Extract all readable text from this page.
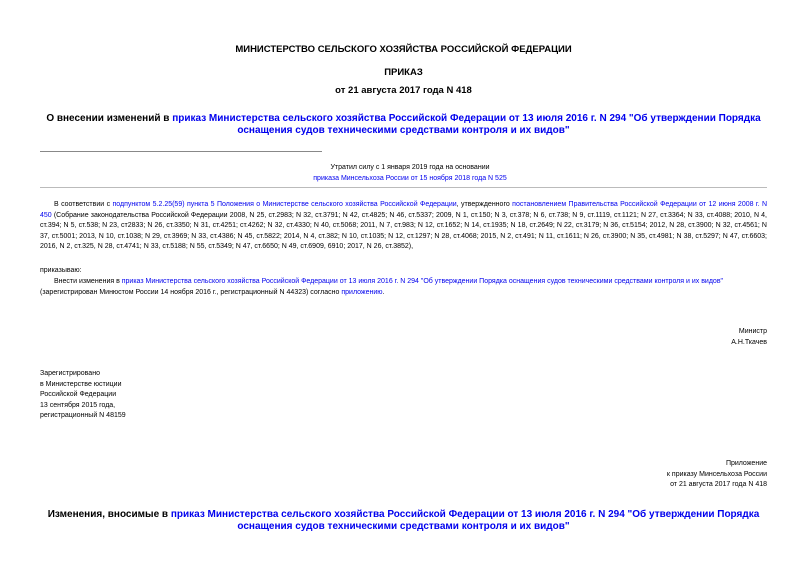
МИНИСТЕРСТВО СЕЛЬСКОГО ХОЗЯЙСТВА РОССИЙСКОЙ ФЕДЕРАЦИИ
ПРИКАЗ
от 21 августа 2017 года N 418
О внесении изменений в приказ Министерства сельского хозяйства Российской Федерации от 13 июля 2016 г. N 294 "Об утверждении Порядка оснащения судов техническими средствами контроля и их видов"
Утратил силу с 1 января 2019 года на основании
приказа Минсельхоза России от 15 ноября 2018 года N 525
В соответствии с подпунктом 5.2.25(59) пункта 5 Положения о Министерстве сельского хозяйства Российской Федерации, утвержденного постановлением Правительства Российской Федерации от 12 июня 2008 г. N 450 (Собрание законодательства Российской Федерации 2008, N 25, ст.2983; N 32, ст.3791; N 42, ст.4825; N 46, ст.5337; 2009, N 1, ст.150; N 3, ст.378; N 6, ст.738; N 9, ст.1119, ст.1121; N 27, ст.3364; N 33, ст.4088; 2010, N 4, ст.394; N 5, ст.538; N 23, ст2833; N 26, ст.3350; N 31, ст.4251; ст.4262; N 32, ст.4330; N 40, ст.5068; 2011, N 7, ст.983; N 12, ст.1652; N 14, ст.1935; N 18, ст.2649; N 22, ст.3179; N 36, ст.5154; 2012, N 28, ст.3900; N 32, ст.4561; N 37, ст.5001; 2013, N 10, ст.1038; N 29, ст.3969; N 33, ст.4386; N 45, ст.5822; 2014, N 4, ст.382; N 10, ст.1035; N 12, ст.1297; N 28, ст.4068; 2015, N 2, ст.491; N 11, ст.1611; N 26, ст.3900; N 35, ст.4981; N 38, ст.5297; N 47, ст.6603; 2016, N 2, ст.325, N 28, ст.4741; N 33, ст.5188; N 55, ст.5349; N 47, ст.6650; N 49, ст.6909, 6910; 2017, N 26, ст.3852),
приказываю:
Внести изменения в приказ Министерства сельского хозяйства Российской Федерации от 13 июля 2016 г. N 294 "Об утверждении Порядка оснащения судов техническими средствами контроля и их видов" (зарегистрирован Минюстом России 14 ноября 2016 г., регистрационный N 44323) согласно приложению.
Министр
А.Н.Ткачев
Зарегистрировано
в Министерстве юстиции
Российской Федерации
13 сентября 2015 года,
регистрационный N 48159
Приложение
к приказу Минсельхоза России
от 21 августа 2017 года N 418
Изменения, вносимые в приказ Министерства сельского хозяйства Российской Федерации от 13 июля 2016 г. N 294 "Об утверждении Порядка оснащения судов техническими средствами контроля и их видов"
